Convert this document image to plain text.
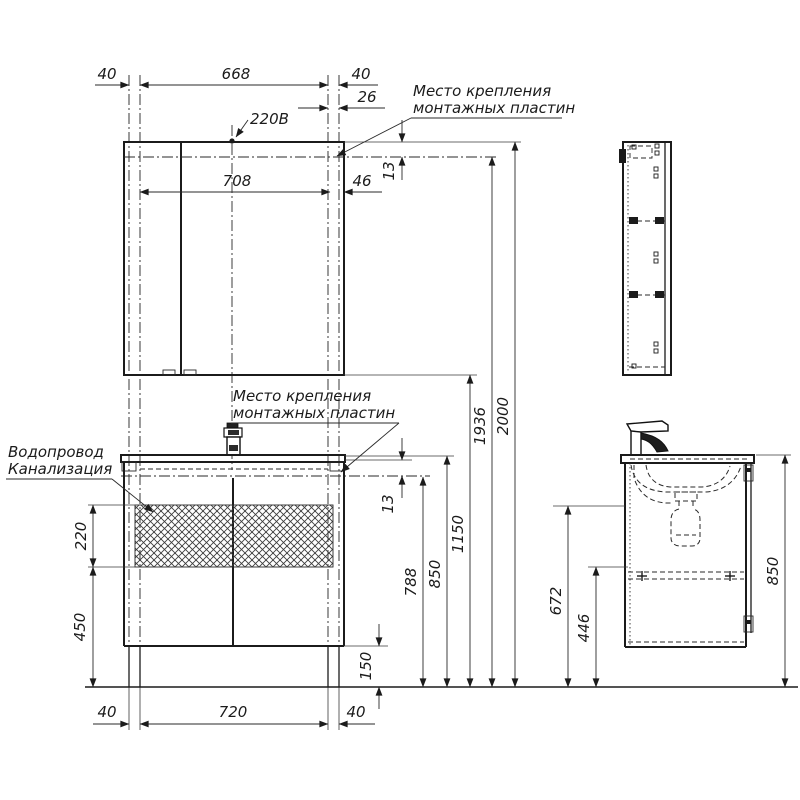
40	668	40
26
708	46
13
13
220
450
150
40	720	40
788 850
1150
1936 2000
220В
Место крепления
монтажных пластин
Место крепления
монтажных пластин
Водопровод
Канализация
672
446
850
